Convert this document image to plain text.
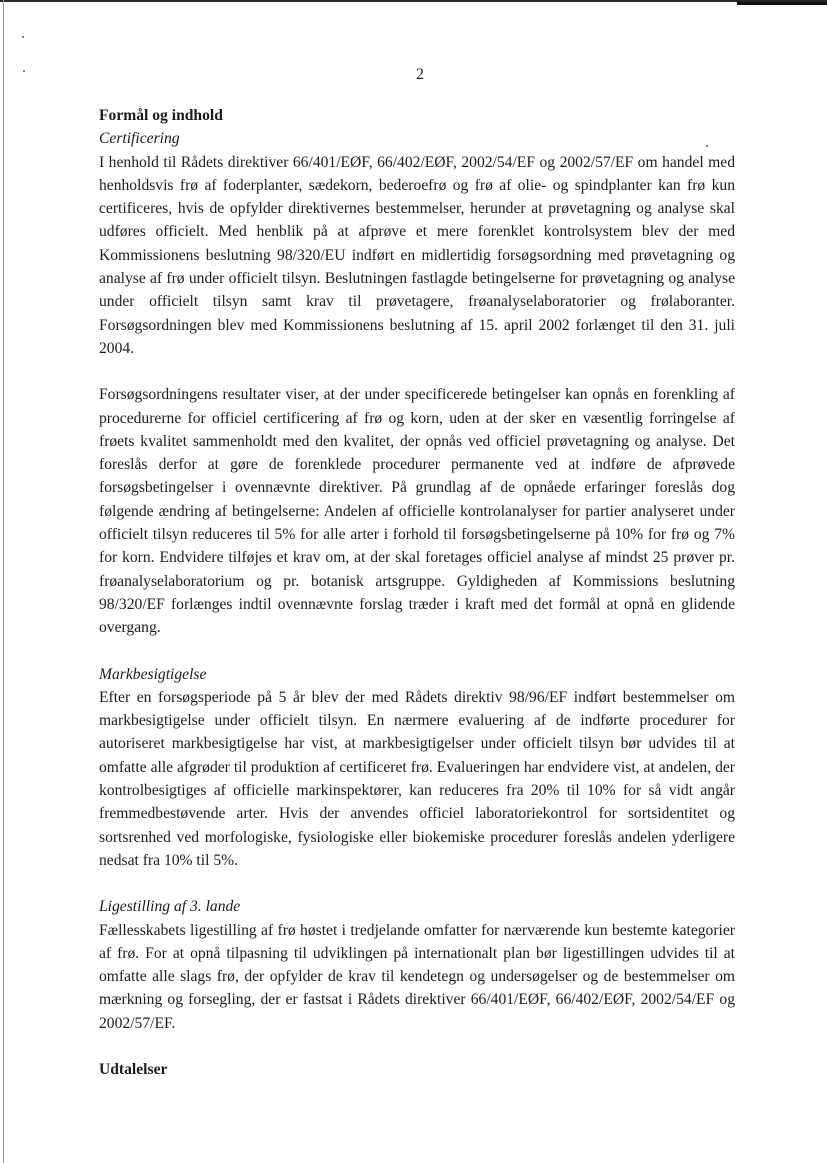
2

Formål og indhold

Certificering

I henhold til Rådets direktiver 66/401/EØF, 66/402/EØF, 2002/54/EF og 2002/57/EF om handel med henholdsvis frø af foderplanter, sædekorn, bederoefrø og frø af olie- og spindplanter kan frø kun certificeres, hvis de opfylder direktivernes bestemmelser, herunder at prøvetagning og analyse skal udføres officielt. Med henblik på at afprøve et mere forenklet kontrolsystem blev der med Kommissionens beslutning 98/320/EU indført en midlertidig forsøgsordning med prøvetagning og analyse af frø under officielt tilsyn. Beslutningen fastlagde betingelserne for prøvetagning og analyse under officielt tilsyn samt krav til prøvetagere, frøanalyselaboratorier og frølaboranter. Forsøgsordningen blev med Kommissionens beslutning af 15. april 2002 forlænget til den 31. juli 2004.

Forsøgsordningens resultater viser, at der under specificerede betingelser kan opnås en forenkling af procedurerne for officiel certificering af frø og korn, uden at der sker en væsentlig forringelse af frøets kvalitet sammenholdt med den kvalitet, der opnås ved officiel prøvetagning og analyse. Det foreslås derfor at gøre de forenklede procedurer permanente ved at indføre de afprøvede forsøgsbetingelser i ovennævnte direktiver. På grundlag af de opnåede erfaringer foreslås dog følgende ændring af betingelserne: Andelen af officielle kontrolanalyser for partier analyseret under officielt tilsyn reduceres til 5% for alle arter i forhold til forsøgsbetingelserne på 10% for frø og 7% for korn. Endvidere tilføjes et krav om, at der skal foretages officiel analyse af mindst 25 prøver pr. frøanalyselaboratorium og pr. botanisk artsgruppe. Gyldigheden af Kommissions beslutning 98/320/EF forlænges indtil ovennævnte forslag træder i kraft med det formål at opnå en glidende overgang.

Markbesigtigelse

Efter en forsøgsperiode på 5 år blev der med Rådets direktiv 98/96/EF indført bestemmelser om markbesigtigelse under officielt tilsyn. En nærmere evaluering af de indførte procedurer for autoriseret markbesigtigelse har vist, at markbesigtigelser under officielt tilsyn bør udvides til at omfatte alle afgrøder til produktion af certificeret frø. Evalueringen har endvidere vist, at andelen, der kontrolbesigtiges af officielle markinspektører, kan reduceres fra 20% til 10% for så vidt angår fremmedbestøvende arter. Hvis der anvendes officiel laboratoriekontrol for sortsidentitet og sortsrenhed ved morfologiske, fysiologiske eller biokemiske procedurer foreslås andelen yderligere nedsat fra 10% til 5%.

Ligestilling af 3. lande

Fællesskabets ligestilling af frø høstet i tredjelande omfatter for nærværende kun bestemte kategorier af frø. For at opnå tilpasning til udviklingen på internationalt plan bør ligestillingen udvides til at omfatte alle slags frø, der opfylder de krav til kendetegn og undersøgelser og de bestemmelser om mærkning og forsegling, der er fastsat i Rådets direktiver 66/401/EØF, 66/402/EØF, 2002/54/EF og 2002/57/EF.

Udtalelser
